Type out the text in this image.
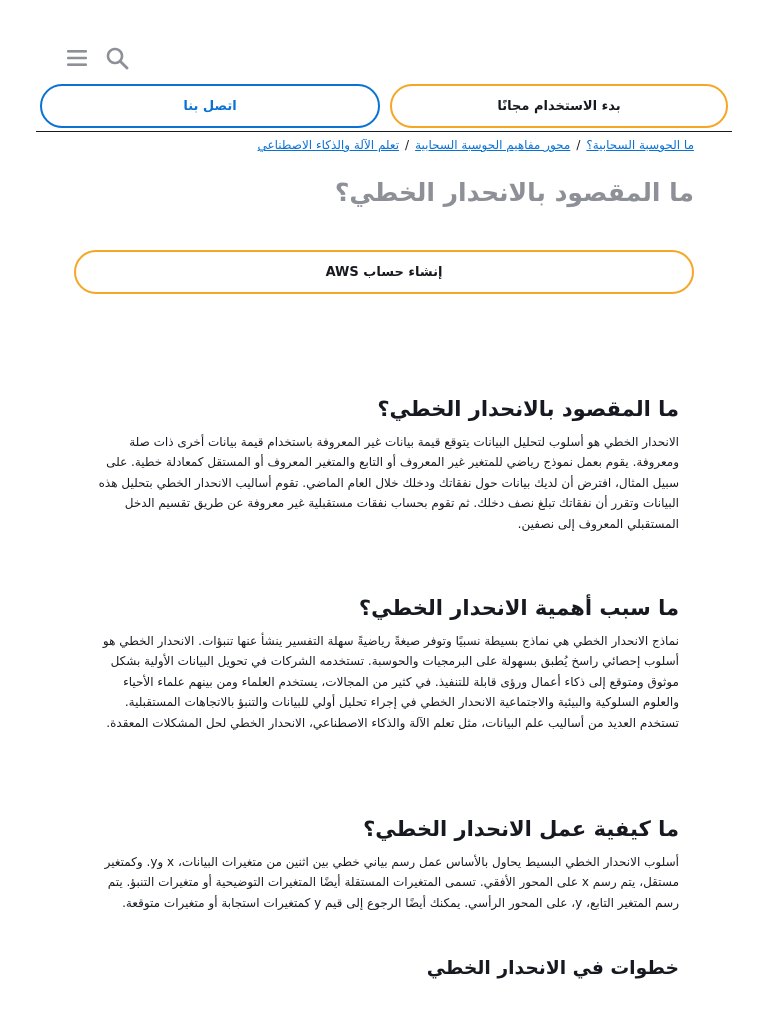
اتصل بنا	بدء الاستخدام مجانًا
ما الحوسبة السحابية؟
/
محور مفاهيم الحوسبة السحابية
/
تعلم الآلة والذكاء الاصطناعي
ما المقصود بالانحدار الخطي؟
إنشاء حساب AWS
ما المقصود بالانحدار الخطي؟

الانحدار الخطي هو أسلوب لتحليل البيانات يتوقع قيمة بيانات غير المعروفة باستخدام قيمة بيانات أخرى ذات صلة ومعروفة. يقوم بعمل نموذج رياضي للمتغير غير المعروف أو التابع والمتغير المعروف أو المستقل كمعادلة خطية. على سبيل المثال، افترض أن لديك بيانات حول نفقاتك ودخلك خلال العام الماضي. تقوم أساليب الانحدار الخطي بتحليل هذه البيانات وتقرر أن نفقاتك تبلغ نصف دخلك. ثم تقوم بحساب نفقات مستقبلية غير معروفة عن طريق تقسيم الدخل المستقبلي المعروف إلى نصفين.

ما سبب أهمية الانحدار الخطي؟

نماذج الانحدار الخطي هي نماذج بسيطة نسبيًا وتوفر صيغةً رياضيةً سهلة التفسير ينشأ عنها تنبؤات. الانحدار الخطي هو أسلوب إحصائي راسخ يُطبق بسهولة على البرمجيات والحوسبة. تستخدمه الشركات في تحويل البيانات الأولية بشكل موثوق ومتوقع إلى ذكاء أعمال ورؤى قابلة للتنفيذ. في كثير من المجالات، يستخدم العلماء ومن بينهم علماء الأحياء والعلوم السلوكية والبيئية والاجتماعية الانحدار الخطي في إجراء تحليل أولي للبيانات والتنبؤ بالاتجاهات المستقبلية. تستخدم العديد من أساليب علم البيانات، مثل تعلم الآلة والذكاء الاصطناعي، الانحدار الخطي لحل المشكلات المعقدة.

ما كيفية عمل الانحدار الخطي؟

أسلوب الانحدار الخطي البسيط يحاول بالأساس عمل رسم بياني خطي بين اثنين من متغيرات البيانات، x وy. وكمتغير مستقل، يتم رسم x على المحور الأفقي. تسمى المتغيرات المستقلة أيضًا المتغيرات التوضيحية أو متغيرات التنبؤ. يتم رسم المتغير التابع، y، على المحور الرأسي. يمكنك أيضًا الرجوع إلى قيم y كمتغيرات استجابة أو متغيرات متوقعة.

خطوات في الانحدار الخطي
